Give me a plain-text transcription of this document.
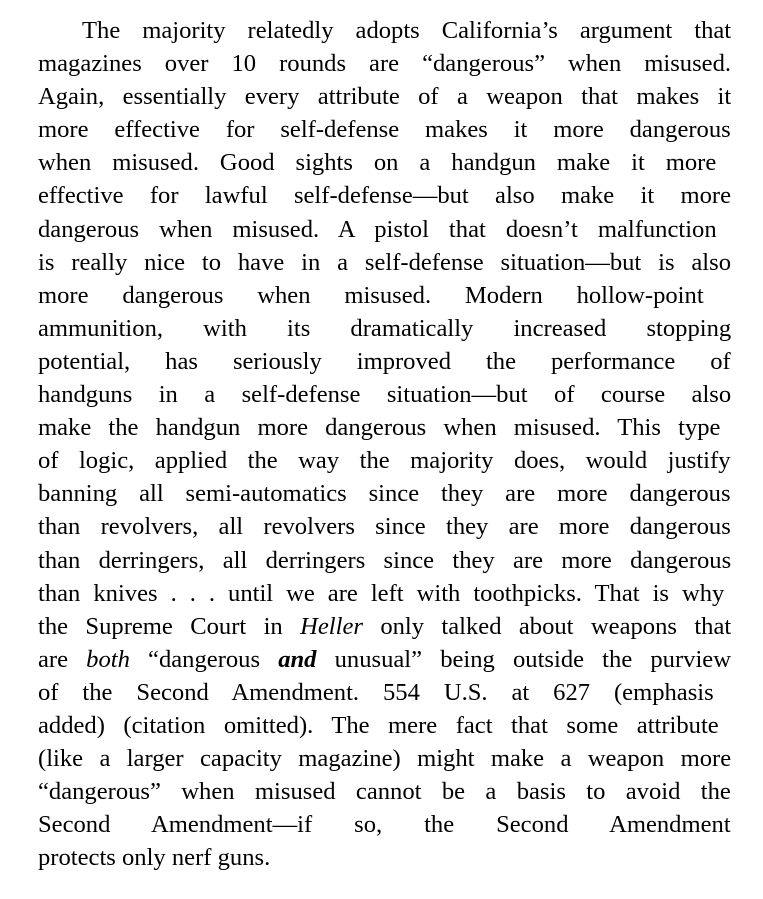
The majority relatedly adopts California’s argument that
magazines over 10 rounds are “dangerous” when misused.
Again, essentially every attribute of a weapon that makes it
more effective for self-defense makes it more dangerous
when misused. Good sights on a handgun make it more
effective for lawful self-defense—but also make it more
dangerous when misused. A pistol that doesn’t malfunction
is really nice to have in a self-defense situation—but is also
more dangerous when misused. Modern hollow-point
ammunition, with its dramatically increased stopping
potential, has seriously improved the performance of
handguns in a self-defense situation—but of course also
make the handgun more dangerous when misused. This type
of logic, applied the way the majority does, would justify
banning all semi-automatics since they are more dangerous
than revolvers, all revolvers since they are more dangerous
than derringers, all derringers since they are more dangerous
than knives . . . until we are left with toothpicks. That is why
the Supreme Court in Heller only talked about weapons that
are both “dangerous and unusual” being outside the purview
of the Second Amendment. 554 U.S. at 627 (emphasis
added) (citation omitted). The mere fact that some attribute
(like a larger capacity magazine) might make a weapon more
“dangerous” when misused cannot be a basis to avoid the
Second Amendment—if so, the Second Amendment
protects only nerf guns.
